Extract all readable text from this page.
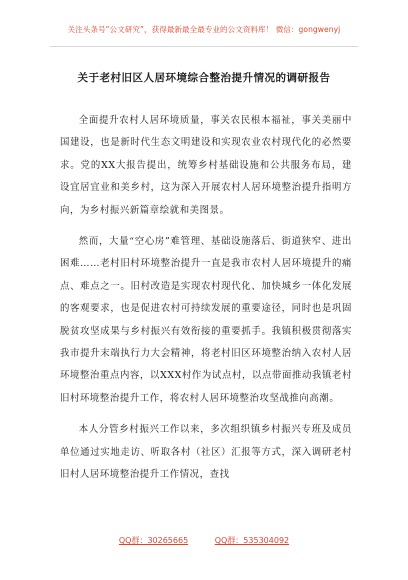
关注头条号“公文研究”，获得最新最全最专业的公文资料库！ 微信：gongwenyj
关于老村旧区人居环境综合整治提升情况的调研报告

全面提升农村人居环境质量，事关农民根本福祉，事关美丽中国建设，也是新时代生态文明建设和实现农业农村现代化的必然要求。党的XX大报告提出，统筹乡村基础设施和公共服务布局，建设宜居宜业和美乡村，这为深入开展农村人居环境整治提升指明方向，为乡村振兴新篇章绘就和美图景。

然而，大量“空心房”难管理、基础设施落后、街道狭窄、进出困难……老村旧村环境整治提升一直是我市农村人居环境提升的痛点、难点之一。旧村改造是实现农村现代化、加快城乡一体化发展的客观要求，也是促进农村可持续发展的重要途径，同时也是巩固脱贫攻坚成果与乡村振兴有效衔接的重要抓手。我镇积极贯彻落实我市提升末端执行力大会精神，将老村旧区环境整治纳入农村人居环境整治重点内容，以XXX村作为试点村，以点带面推动我镇老村旧村环境整治提升工作，将农村人居环境整治攻坚战推向高潮。

本人分管乡村振兴工作以来，多次组织镇乡村振兴专班及成员单位通过实地走访、听取各村（社区）汇报等方式，深入调研老村旧村人居环境整治提升工作情况，查找

QQ群：30265665	QQ群：535304092
